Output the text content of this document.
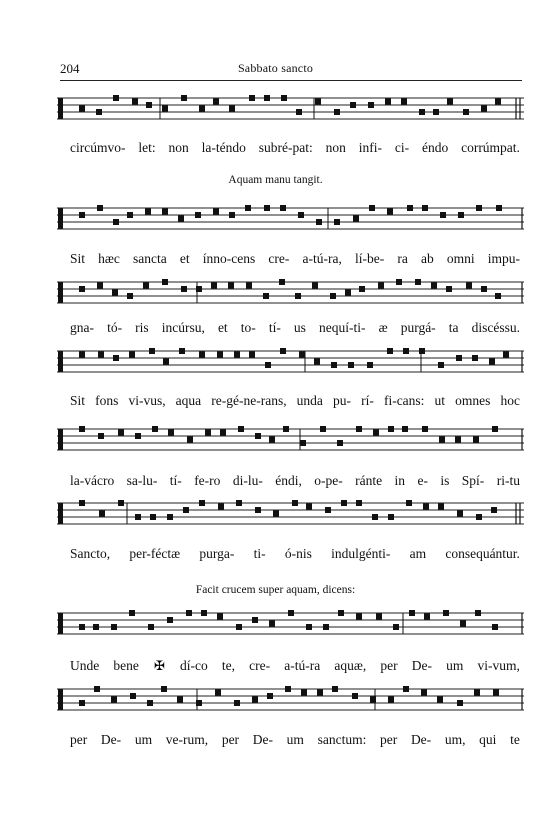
204	Sabbato sancto
circúmvo- let: non la-téndo subré-pat: non infi- ci- éndo corrúmpat.
Aquam manu tangit.
Sit hæc sancta et ínno-cens cre- a-tú-ra, lí-be- ra ab omni impu-
gna- tó- ris incúrsu, et to- tí- us nequí-ti- æ purgá- ta discéssu.
Sit fons vi-vus, aqua re-gé-ne-rans, unda pu- rí- fi-cans: ut omnes hoc
la-vácro sa-lu- tí- fe-ro di-lu- éndi, o-pe- ránte in e- is Spí- ri-tu
Sancto, per-féctæ purga- ti- ó-nis indulgénti- am consequántur.
Facit crucem super aquam, dicens:
Unde bene ✠ dí-co te, cre- a-tú-ra aquæ, per De- um vi-vum,
per De- um ve-rum, per De- um sanctum: per De- um, qui te
